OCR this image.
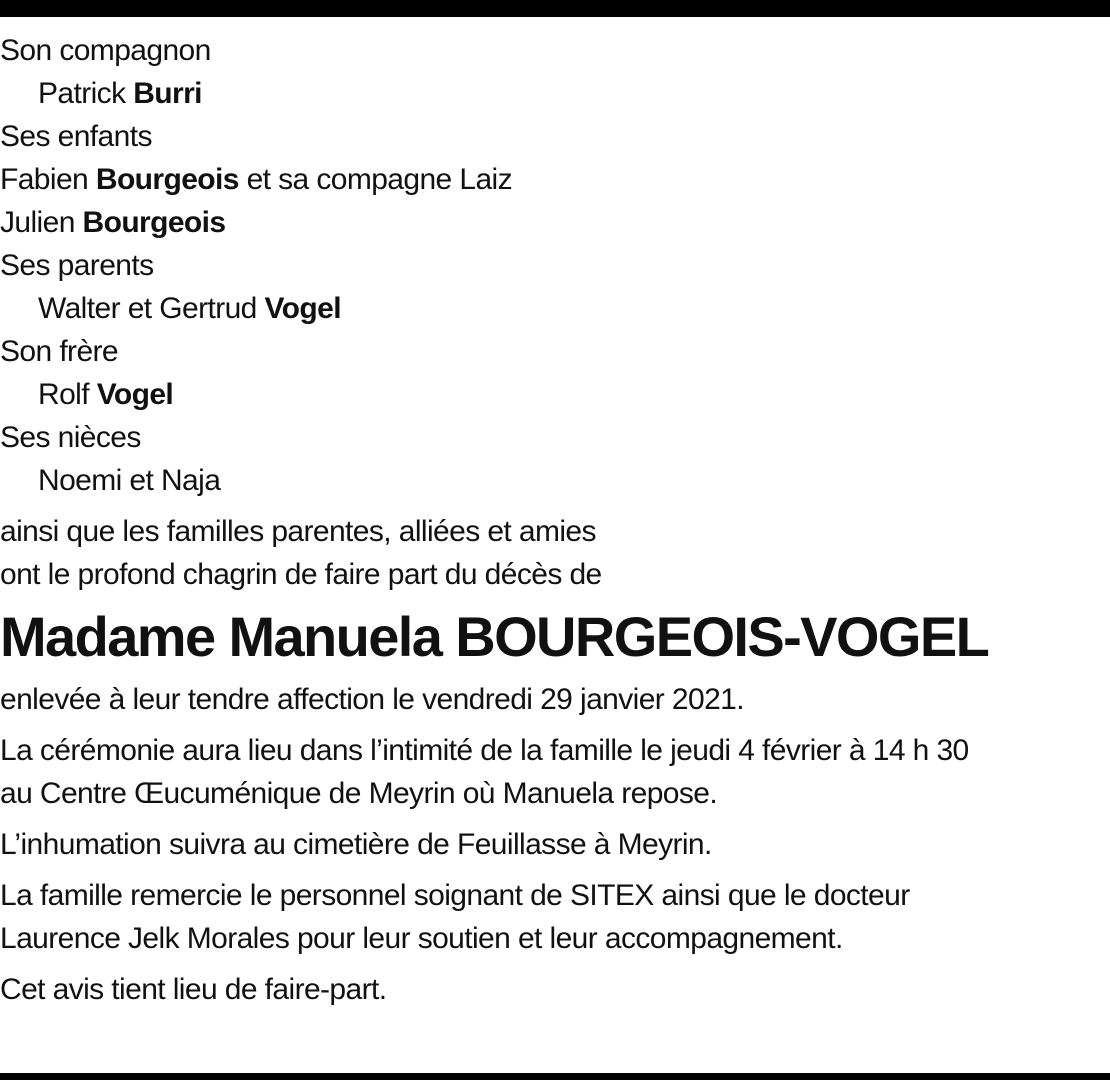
Son compagnon
Patrick Burri
Ses enfants
Fabien Bourgeois et sa compagne Laiz
Julien Bourgeois
Ses parents
Walter et Gertrud Vogel
Son frère
Rolf Vogel
Ses nièces
Noemi et Naja
ainsi que les familles parentes, alliées et amies
ont le profond chagrin de faire part du décès de
Madame Manuela BOURGEOIS-VOGEL
enlevée à leur tendre affection le vendredi 29 janvier 2021.
La cérémonie aura lieu dans l’intimité de la famille le jeudi 4 février à 14 h 30
au Centre Œucuménique de Meyrin où Manuela repose.
L’inhumation suivra au cimetière de Feuillasse à Meyrin.
La famille remercie le personnel soignant de SITEX ainsi que le docteur
Laurence Jelk Morales pour leur soutien et leur accompagnement.
Cet avis tient lieu de faire-part.
